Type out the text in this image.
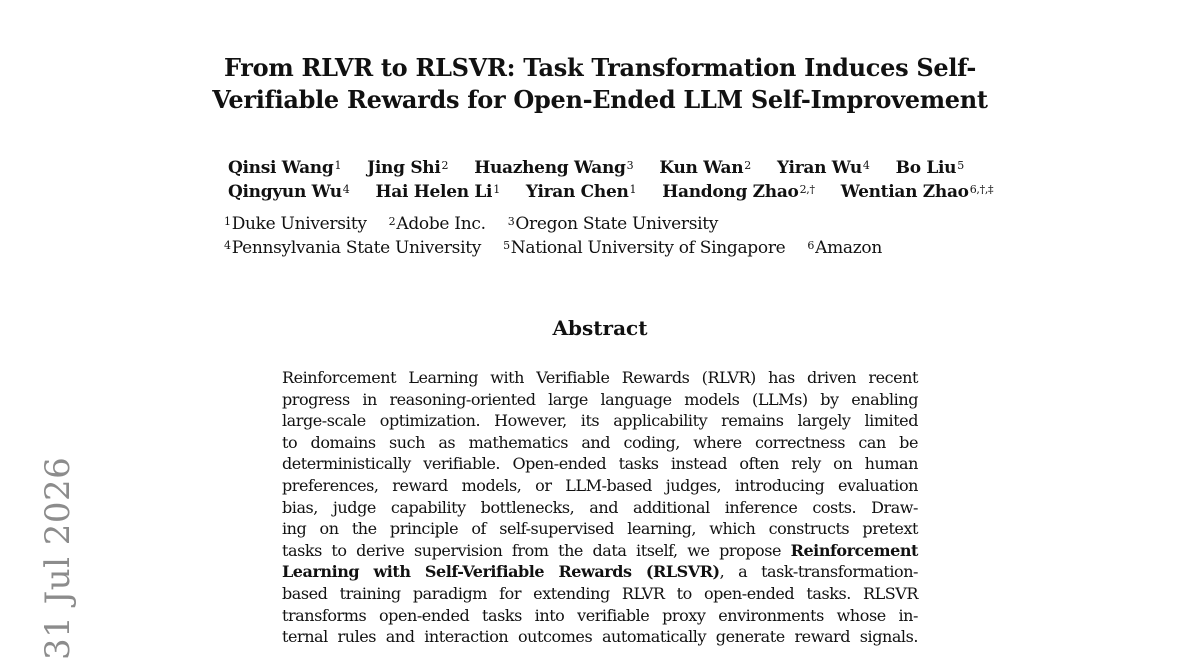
From RLVR to RLSVR: Task Transformation Induces Self-
Verifiable Rewards for Open-Ended LLM Self-Improvement
Qinsi Wang$^1$ Jing Shi$^2$ Huazheng Wang$^3$ Kun Wan$^2$ Yiran Wu$^4$ Bo Liu$^5$
Qingyun Wu$^4$ Hai Helen Li$^1$ Yiran Chen$^1$ Handong Zhao$^{2,\dagger}$ Wentian Zhao$^{6,\dagger,\ddagger}$
$^1$Duke University $^2$Adobe Inc. $^3$Oregon State University
$^4$Pennsylvania State University $^5$National University of Singapore $^6$Amazon
Abstract
Reinforcement Learning with Verifiable Rewards (RLVR) has driven recent
progress in reasoning-oriented large language models (LLMs) by enabling
large-scale optimization. However, its applicability remains largely limited
to domains such as mathematics and coding, where correctness can be
deterministically verifiable. Open-ended tasks instead often rely on human
preferences, reward models, or LLM-based judges, introducing evaluation
bias, judge capability bottlenecks, and additional inference costs. Draw-
ing on the principle of self-supervised learning, which constructs pretext
tasks to derive supervision from the data itself, we propose Reinforcement
Learning with Self-Verifiable Rewards (RLSVR), a task-transformation-
based training paradigm for extending RLVR to open-ended tasks. RLSVR
transforms open-ended tasks into verifiable proxy environments whose in-
ternal rules and interaction outcomes automatically generate reward signals.
31 Jul 2026
